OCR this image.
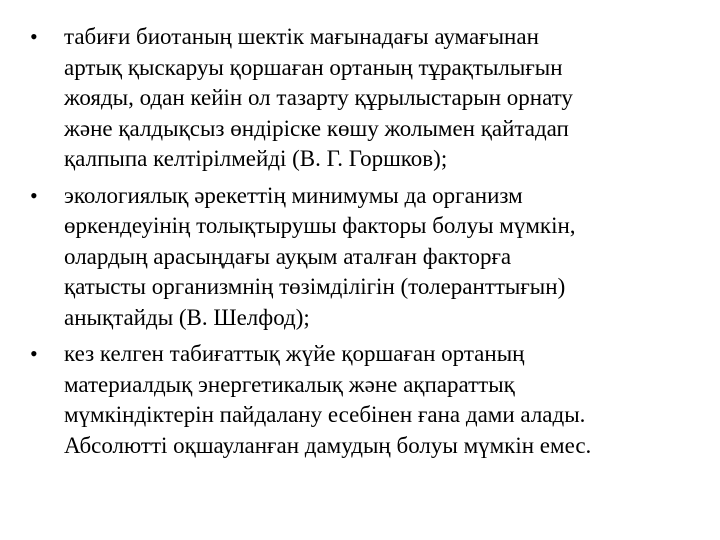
•	табиғи биотаның шектік мағынадағы аумағынан
артық қыскаруы қоршаған ортаның тұрақтылығын
жояды, одан кейін ол тазарту құрылыстарын орнату
және қалдықсыз өндіріске көшу жолымен қайтадап
қалпыпа келтірілмейді (В. Г. Горшков);
•	экологиялық әрекеттің минимумы да организм
өркендеуінің толықтырушы факторы болуы мүмкін,
олардың арасыңдағы ауқым аталған факторға
қатысты организмнің төзімділігін (толеранттығын)
анықтайды (В. Шелфод);
•	кез келген табиғаттық жүйе қоршаған ортаның
материалдық энергетикалық және ақпараттық
мүмкіндіктерін пайдалану есебінен ғана дами алады.
Абсолютті оқшауланған дамудың болуы мүмкін емес.
